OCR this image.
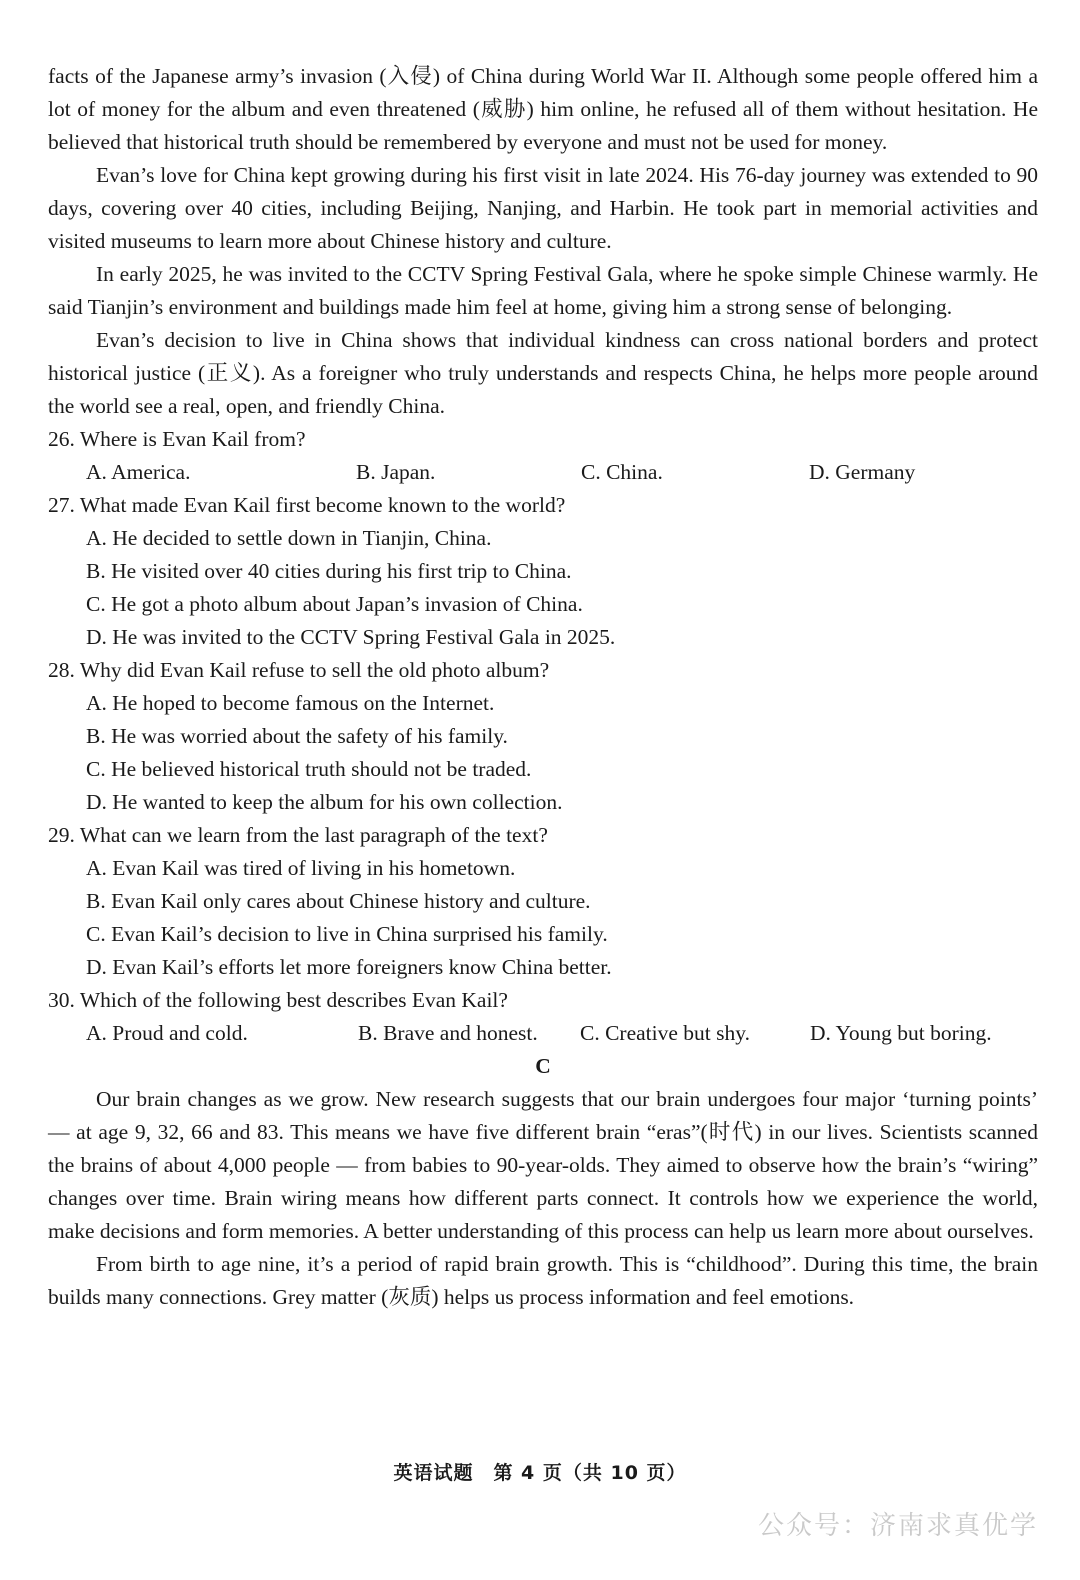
facts of the Japanese army’s invasion (入侵) of China during World War II. Although some people offered him a lot of money for the album and even threatened (威胁) him online, he refused all of them without hesitation. He believed that historical truth should be remembered by everyone and must not be used for money.

Evan’s love for China kept growing during his first visit in late 2024. His 76-day journey was extended to 90 days, covering over 40 cities, including Beijing, Nanjing, and Harbin. He took part in memorial activities and visited museums to learn more about Chinese history and culture.

In early 2025, he was invited to the CCTV Spring Festival Gala, where he spoke simple Chinese warmly. He said Tianjin’s environment and buildings made him feel at home, giving him a strong sense of belonging.

Evan’s decision to live in China shows that individual kindness can cross national borders and protect historical justice (正义). As a foreigner who truly understands and respects China, he helps more people around the world see a real, open, and friendly China.

26. Where is Evan Kail from?

A. America.	B. Japan.	C. China.	D. Germany

27. What made Evan Kail first become known to the world?

A. He decided to settle down in Tianjin, China.

B. He visited over 40 cities during his first trip to China.

C. He got a photo album about Japan’s invasion of China.

D. He was invited to the CCTV Spring Festival Gala in 2025.

28. Why did Evan Kail refuse to sell the old photo album?

A. He hoped to become famous on the Internet.

B. He was worried about the safety of his family.

C. He believed historical truth should not be traded.

D. He wanted to keep the album for his own collection.

29. What can we learn from the last paragraph of the text?

A. Evan Kail was tired of living in his hometown.

B. Evan Kail only cares about Chinese history and culture.

C. Evan Kail’s decision to live in China surprised his family.

D. Evan Kail’s efforts let more foreigners know China better.

30. Which of the following best describes Evan Kail?

A. Proud and cold.	B. Brave and honest.	C. Creative but shy.	D. Young but boring.

C

Our brain changes as we grow. New research suggests that our brain undergoes four major ‘turning points’ — at age 9, 32, 66 and 83. This means we have five different brain “eras”(时代) in our lives. Scientists scanned the brains of about 4,000 people — from babies to 90-year-olds. They aimed to observe how the brain’s “wiring” changes over time. Brain wiring means how different parts connect. It controls how we experience the world, make decisions and form memories. A better understanding of this process can help us learn more about ourselves.

From birth to age nine, it’s a period of rapid brain growth. This is “childhood”. During this time, the brain builds many connections. Grey matter (灰质) helps us process information and feel emotions.

英语试题　第 4 页（共 10 页）
公众号：济南求真优学
